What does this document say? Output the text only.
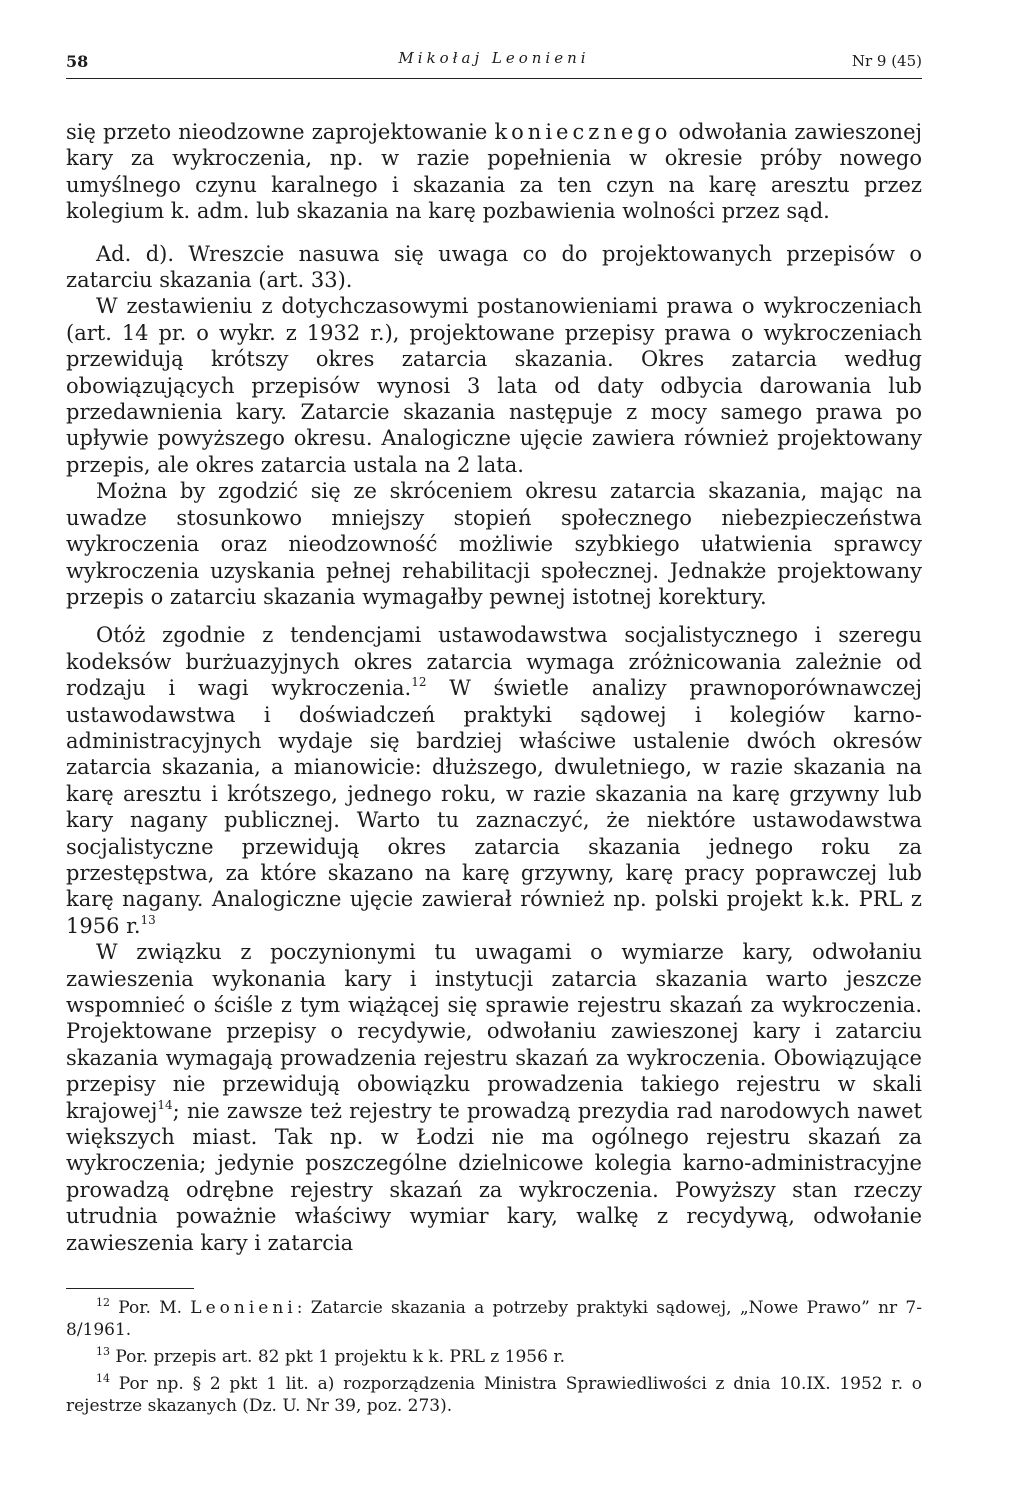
58	Mikołaj Leonieni	Nr 9 (45)

się przeto nieodzowne zaprojektowanie koniecznego odwołania zawieszonej kary za wykroczenia, np. w razie popełnienia w okresie próby nowego umyślnego czynu karalnego i skazania za ten czyn na karę aresztu przez kolegium k. adm. lub skazania na karę pozbawienia wolności przez sąd.

Ad. d). Wreszcie nasuwa się uwaga co do projektowanych przepisów o zatarciu skazania (art. 33).

W zestawieniu z dotychczasowymi postanowieniami prawa o wykroczeniach (art. 14 pr. o wykr. z 1932 r.), projektowane przepisy prawa o wykroczeniach przewidują krótszy okres zatarcia skazania. Okres zatarcia według obowiązujących przepisów wynosi 3 lata od daty odbycia darowania lub przedawnienia kary. Zatarcie skazania następuje z mocy samego prawa po upływie powyższego okresu. Analogiczne ujęcie zawiera również projektowany przepis, ale okres zatarcia ustala na 2 lata.

Można by zgodzić się ze skróceniem okresu zatarcia skazania, mając na uwadze stosunkowo mniejszy stopień społecznego niebezpieczeństwa wykroczenia oraz nieodzowność możliwie szybkiego ułatwienia sprawcy wykroczenia uzyskania pełnej rehabilitacji społecznej. Jednakże projektowany przepis o zatarciu skazania wymagałby pewnej istotnej korektury.

Otóż zgodnie z tendencjami ustawodawstwa socjalistycznego i szeregu kodeksów burżuazyjnych okres zatarcia wymaga zróżnicowania zależnie od rodzaju i wagi wykroczenia.$^{12}$ W świetle analizy prawnoporównawczej ustawodawstwa i doświadczeń praktyki sądowej i kolegiów karno-administracyjnych wydaje się bardziej właściwe ustalenie dwóch okresów zatarcia skazania, a mianowicie: dłuższego, dwuletniego, w razie skazania na karę aresztu i krótszego, jednego roku, w razie skazania na karę grzywny lub kary nagany publicznej. Warto tu zaznaczyć, że niektóre ustawodawstwa socjalistyczne przewidują okres zatarcia skazania jednego roku za przestępstwa, za które skazano na karę grzywny, karę pracy poprawczej lub karę nagany. Analogiczne ujęcie zawierał również np. polski projekt k.k. PRL z 1956 r.$^{13}$

W związku z poczynionymi tu uwagami o wymiarze kary, odwołaniu zawieszenia wykonania kary i instytucji zatarcia skazania warto jeszcze wspomnieć o ściśle z tym wiążącej się sprawie rejestru skazań za wykroczenia. Projektowane przepisy o recydywie, odwołaniu zawieszonej kary i zatarciu skazania wymagają prowadzenia rejestru skazań za wykroczenia. Obowiązujące przepisy nie przewidują obowiązku prowadzenia takiego rejestru w skali krajowej$^{14}$; nie zawsze też rejestry te prowadzą prezydia rad narodowych nawet większych miast. Tak np. w Łodzi nie ma ogólnego rejestru skazań za wykroczenia; jedynie poszczególne dzielnicowe kolegia karno-administracyjne prowadzą odrębne rejestry skazań za wykroczenia. Powyższy stan rzeczy utrudnia poważnie właściwy wymiar kary, walkę z recydywą, odwołanie zawieszenia kary i zatarcia

$^{12}$ Por. M. Leonieni: Zatarcie skazania a potrzeby praktyki sądowej, „Nowe Prawo” nr 7-8/1961.

$^{13}$ Por. przepis art. 82 pkt 1 projektu k k. PRL z 1956 r.

$^{14}$ Por np. § 2 pkt 1 lit. a) rozporządzenia Ministra Sprawiedliwości z dnia 10.IX. 1952 r. o rejestrze skazanych (Dz. U. Nr 39, poz. 273).
